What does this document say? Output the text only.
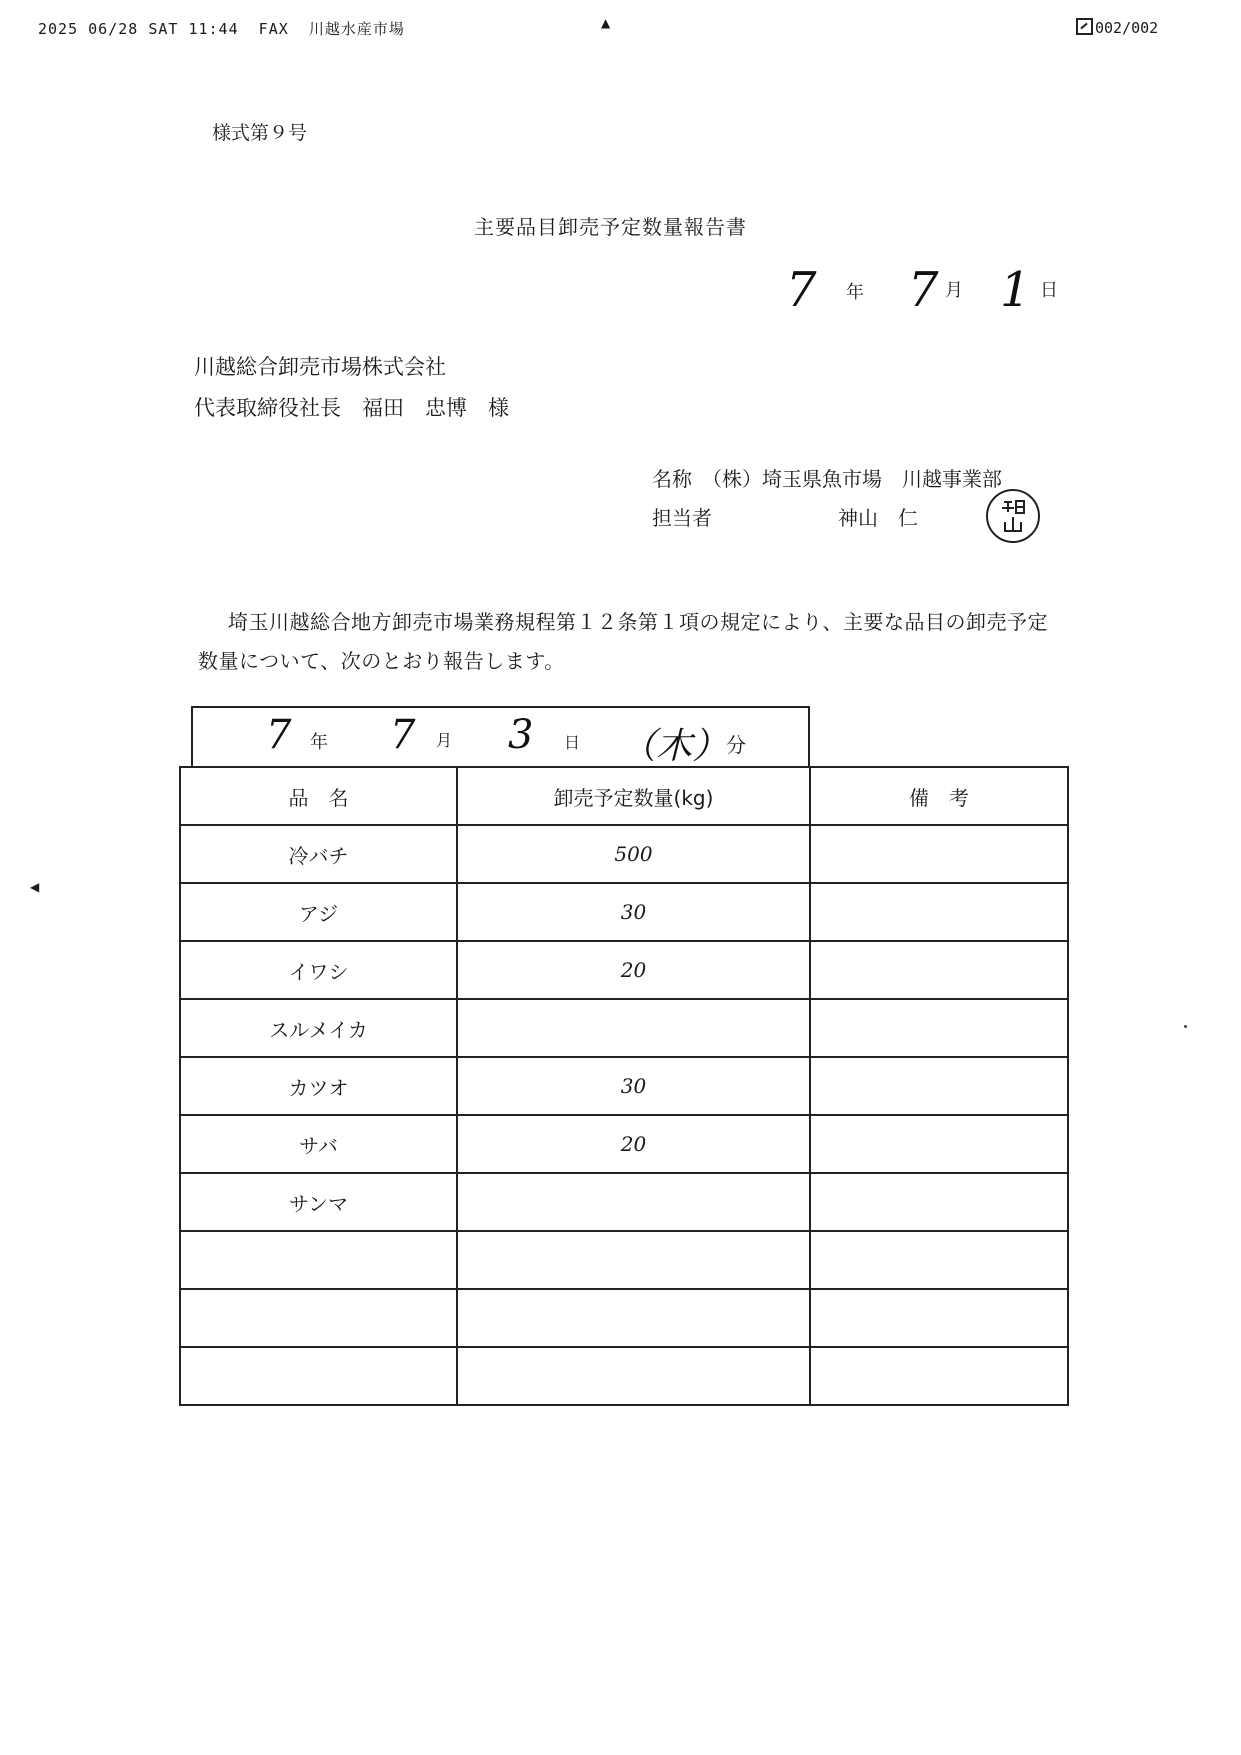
2025 06/28 SAT 11:44  FAX  川越水産市場	▲	002/002
◀
様式第９号
主要品目卸売予定数量報告書
7 年 7 月 1 日
川越総合卸売市場株式会社
代表取締役社長　福田　忠博　様
名称　（株）埼玉県魚市場　川越事業部
担当者	神山　仁
埼玉川越総合地方卸売市場業務規程第１２条第１項の規定により、主要な品目の卸売予定数量について、次のとおり報告します。
7 年 7 月 3 日 （木）
分
品　名	卸売予定数量(kg)	備　考
冷バチ	500	
アジ	30	
イワシ	20	
スルメイカ		
カツオ	30	
サバ	20	
サンマ		
